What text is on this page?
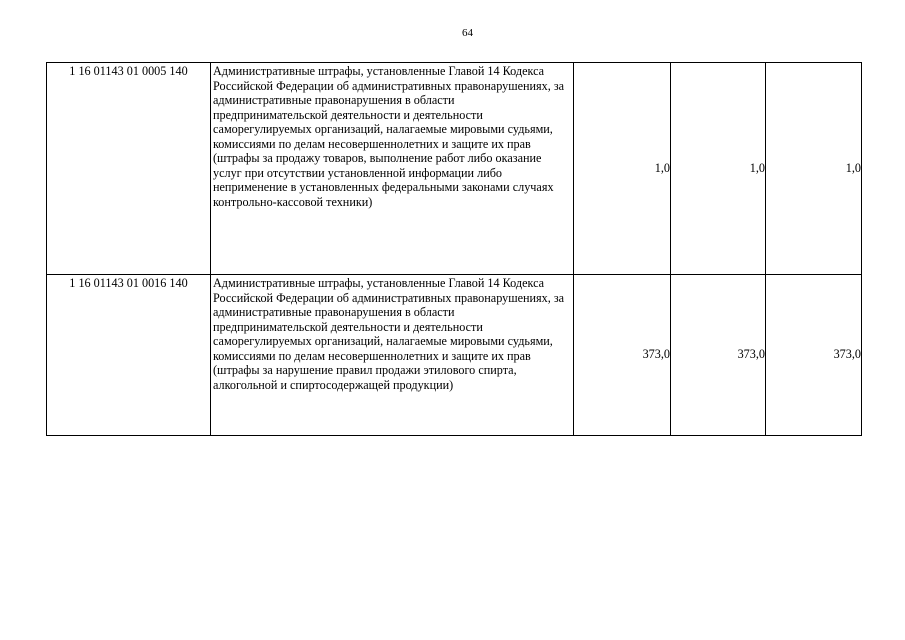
64
1 16 01143 01 0005 140	Административные штрафы, установленные Главой 14 Кодекса Российской Федерации об административных правонарушениях, за административные правонарушения в области предпринимательской деятельности и деятельности саморегулируемых организаций, налагаемые мировыми судьями, комиссиями по делам несовершеннолетних и защите их прав (штрафы за продажу товаров, выполнение работ либо оказание услуг при отсутствии установленной информации либо неприменение в установленных федеральными законами случаях контрольно-кассовой техники)	1,0	1,0	1,0
1 16 01143 01 0016 140	Административные штрафы, установленные Главой 14 Кодекса Российской Федерации об административных правонарушениях, за административные правонарушения в области предпринимательской деятельности и деятельности саморегулируемых организаций, налагаемые мировыми судьями, комиссиями по делам несовершеннолетних и защите их прав (штрафы за нарушение правил продажи этилового спирта, алкогольной и спиртосодержащей продукции)	373,0	373,0	373,0
